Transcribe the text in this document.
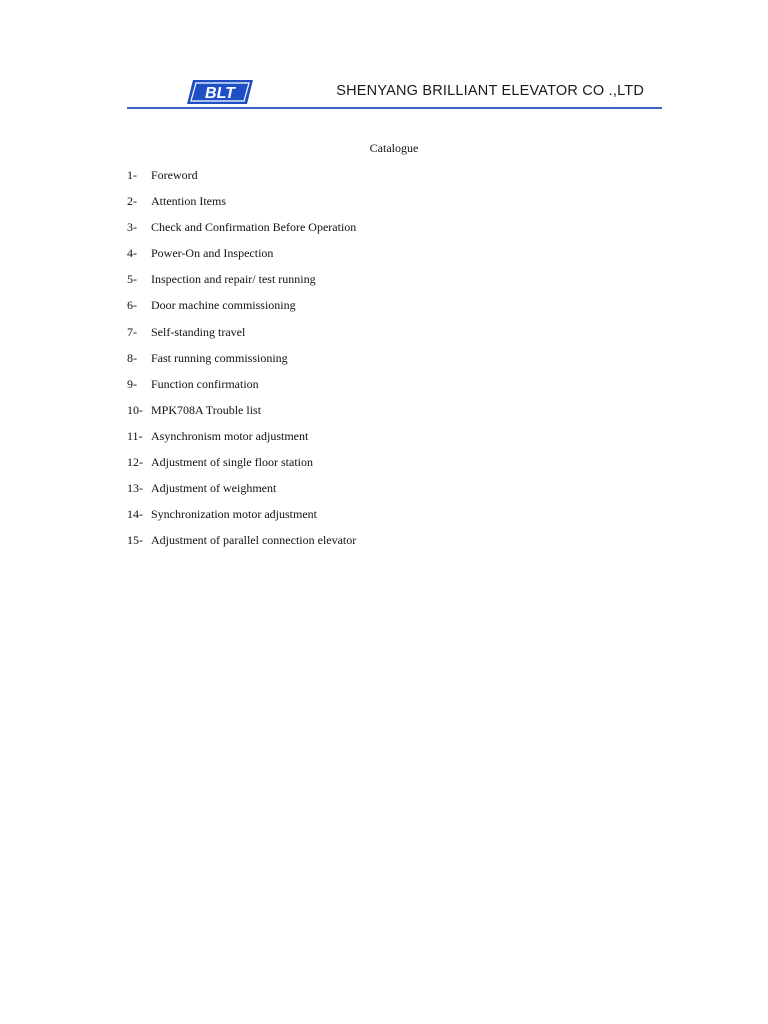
BLT	SHENYANG BRILLIANT ELEVATOR CO .,LTD
Catalogue
1- Foreword
2- Attention Items
3- Check and Confirmation Before Operation
4- Power-On and Inspection
5- Inspection and repair/ test running
6- Door machine commissioning
7- Self-standing travel
8- Fast running commissioning
9- Function confirmation
10- MPK708A Trouble list
11- Asynchronism motor adjustment
12- Adjustment of single floor station
13- Adjustment of weighment
14- Synchronization motor adjustment
15- Adjustment of parallel connection elevator
